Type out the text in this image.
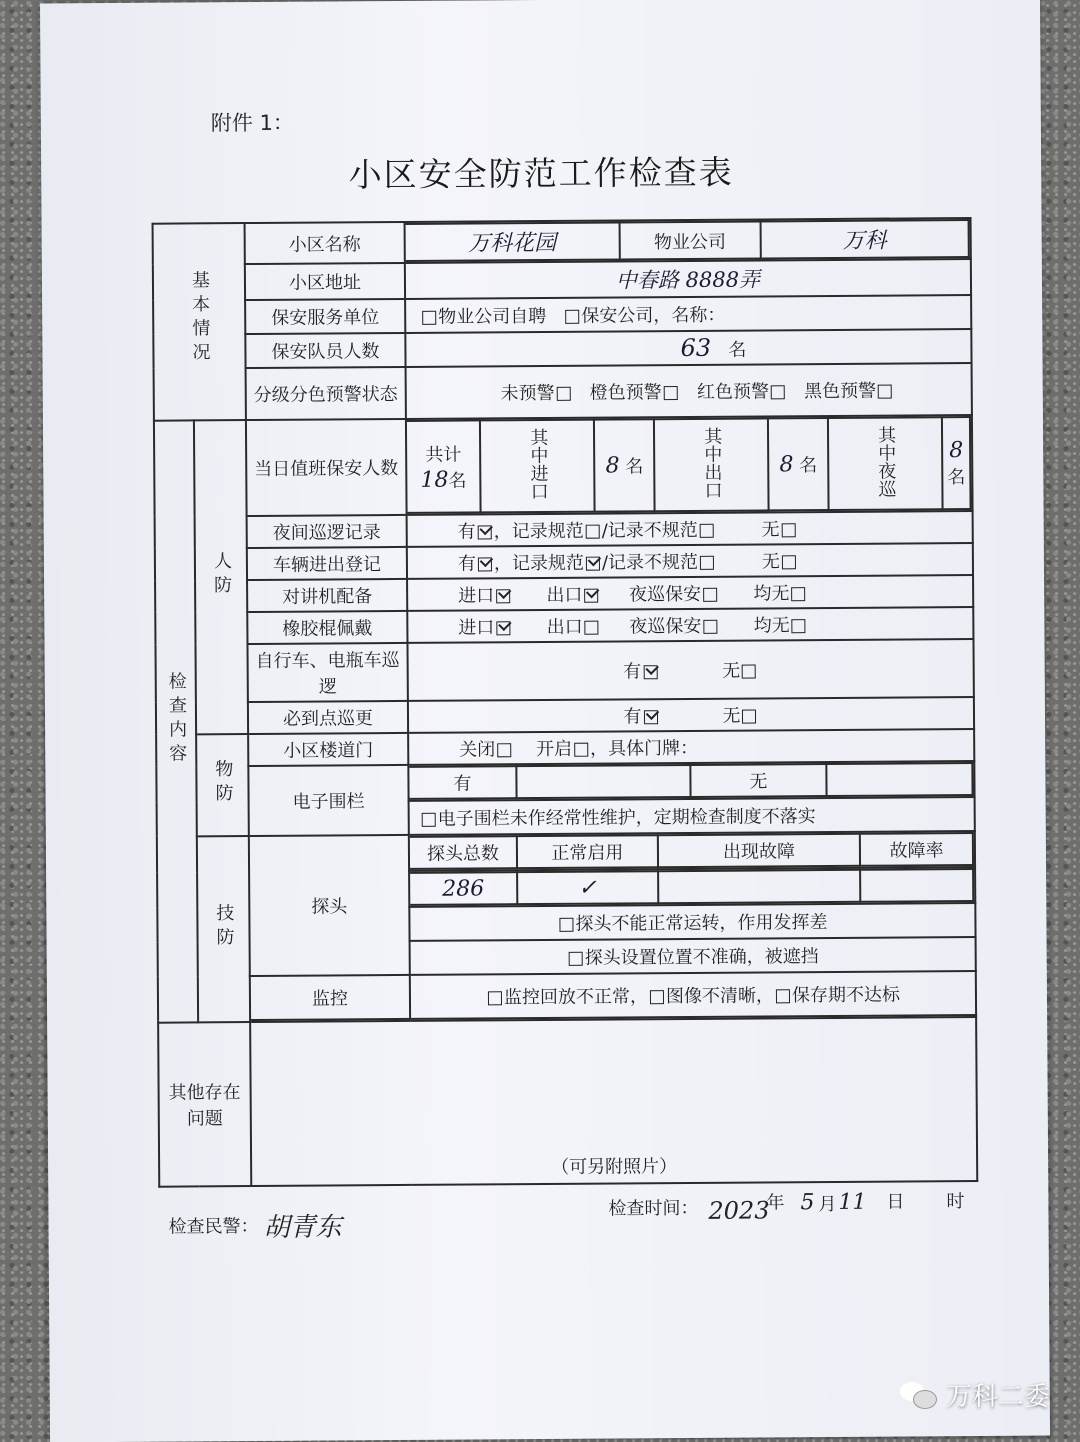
附件 1：
小区安全防范工作检查表
基本情况	小区名称		万科花园	物业公司	万科

小区地址	中春路 8888弄
保安服务单位	物业公司自聘 保安公司，名称：
保安队员人数	63 名
分级分色预警状态	未预警 橙色预警 红色预警 黑色预警
检查内容	人防	当日值班保安人数	
共计 18名	其中进口	8 名	其中出口	8 名	其中夜巡	8 名

夜间巡逻记录	有 ，记录规范 /记录不规范	无
车辆进出登记	有 ，记录规范 /记录不规范	无
对讲机配备	进口	出口	夜巡保安	均无
橡胶棍佩戴	进口	出口	夜巡保安	均无
自行车、电瓶车巡逻	有	无
必到点巡更	有	无
物防	小区楼道门	关闭 开启 ，具体门牌：
电子围栏	
有		无	

电子围栏未作经常性维护，定期检查制度不落实
技防	探头	
探头总数	正常启用	出现故障	故障率

286	✓		

探头不能正常运转，作用发挥差
探头设置位置不准确，被遮挡
监控	监控回放不正常， 图像不清晰， 保存期不达标

其他存在问题	（可另附照片）
检查民警： 胡青东
检查时间： 2023
年 5 月 11 日 时
万科二委
